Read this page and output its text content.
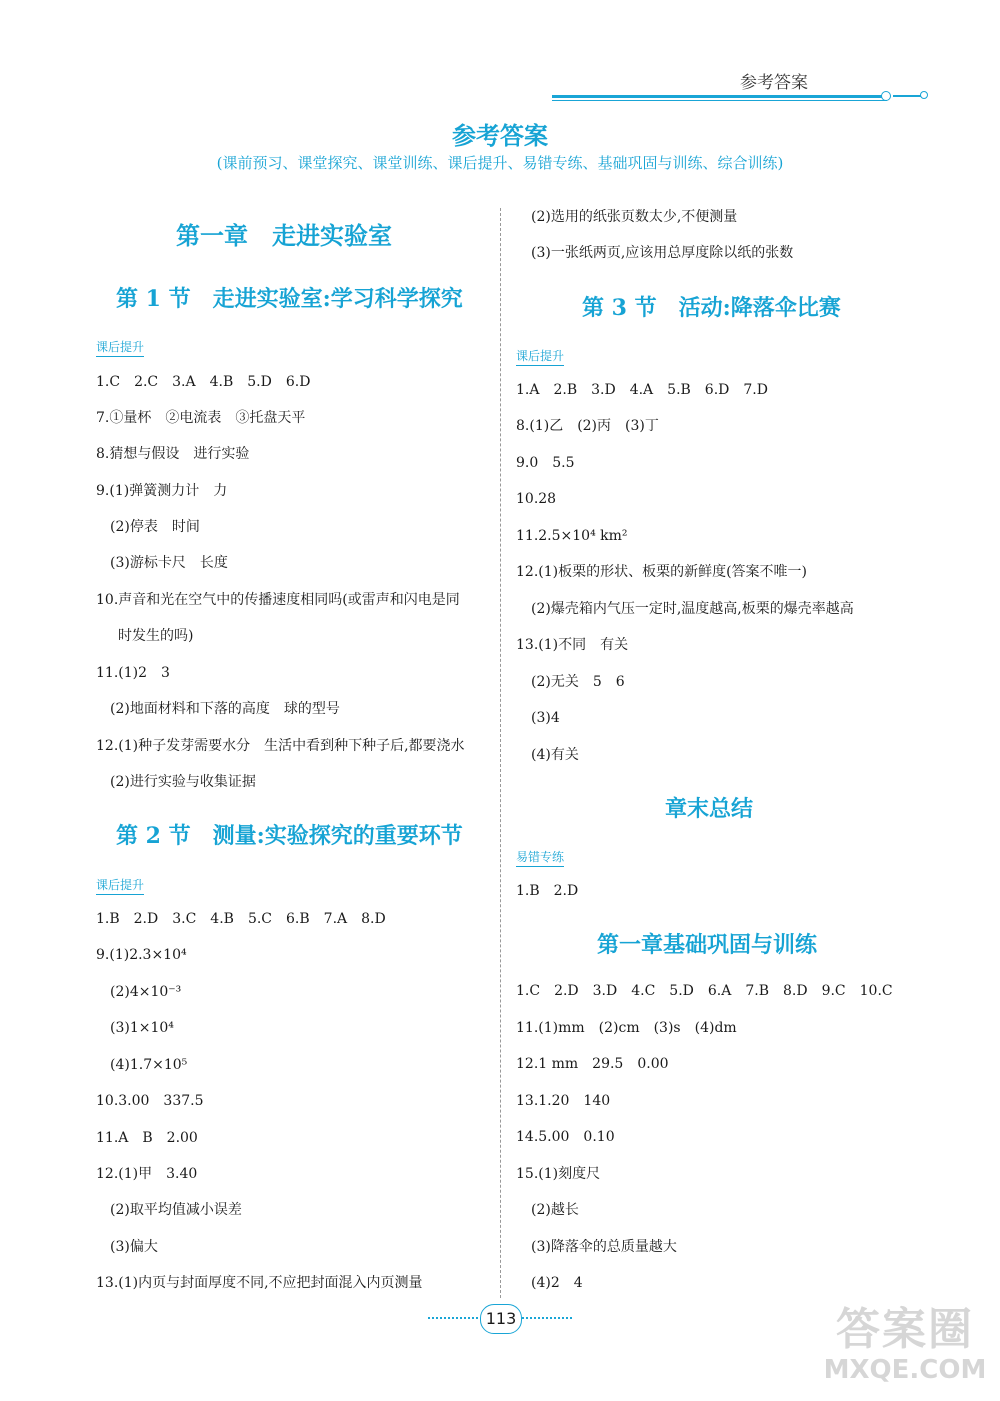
参考答案
参考答案
(课前预习、课堂探究、课堂训练、课后提升、易错专练、基础巩固与训练、综合训练)
第一章　走进实验室
第 1 节　走进实验室:学习科学探究
课后提升
1.C　2.C　3.A　4.B　5.D　6.D
7.①量杯　②电流表　③托盘天平
8.猜想与假设　进行实验
9.(1)弹簧测力计　力
(2)停表　时间
(3)游标卡尺　长度
10.声音和光在空气中的传播速度相同吗(或雷声和闪电是同
时发生的吗)
11.(1)2　3
(2)地面材料和下落的高度　球的型号
12.(1)种子发芽需要水分　生活中看到种下种子后,都要浇水
(2)进行实验与收集证据
第 2 节　测量:实验探究的重要环节
课后提升
1.B　2.D　3.C　4.B　5.C　6.B　7.A　8.D
9.(1)2.3×10⁴
(2)4×10⁻³
(3)1×10⁴
(4)1.7×10⁵
10.3.00　337.5
11.A　B　2.00
12.(1)甲　3.40
(2)取平均值减小误差
(3)偏大
13.(1)内页与封面厚度不同,不应把封面混入内页测量
(2)选用的纸张页数太少,不便测量
(3)一张纸两页,应该用总厚度除以纸的张数
第 3 节　活动:降落伞比赛
课后提升
1.A　2.B　3.D　4.A　5.B　6.D　7.D
8.(1)乙　(2)丙　(3)丁
9.0　5.5
10.28
11.2.5×10⁴ km²
12.(1)板栗的形状、板栗的新鲜度(答案不唯一)
(2)爆壳箱内气压一定时,温度越高,板栗的爆壳率越高
13.(1)不同　有关
(2)无关　5　6
(3)4
(4)有关
章末总结
易错专练
1.B　2.D
第一章基础巩固与训练
1.C　2.D　3.D　4.C　5.D　6.A　7.B　8.D　9.C　10.C
11.(1)mm　(2)cm　(3)s　(4)dm
12.1 mm　29.5　0.00
13.1.20　140
14.5.00　0.10
15.(1)刻度尺
(2)越长
(3)降落伞的总质量越大
(4)2　4
113	答案圈
MXQE.COM
